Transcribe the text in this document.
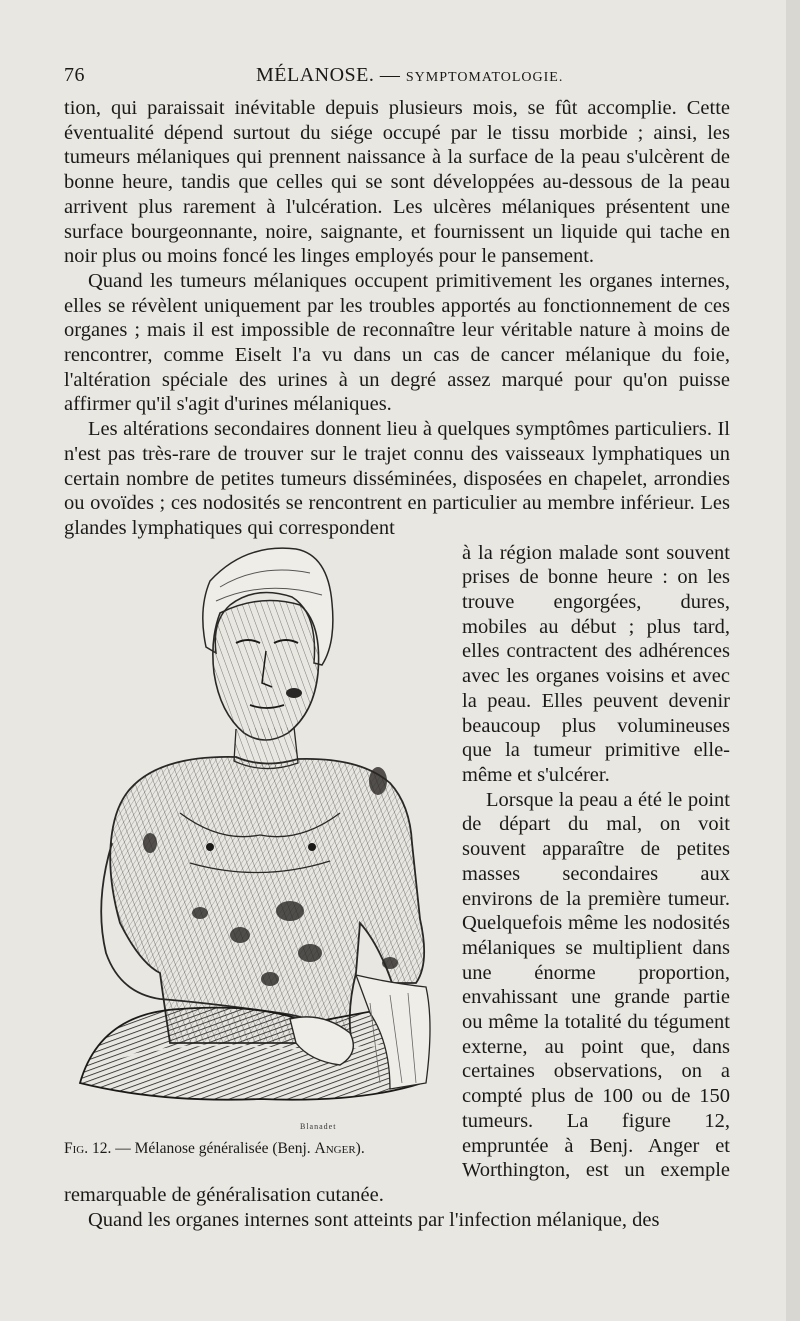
76	MÉLANOSE. — SYMPTOMATOLOGIE.

tion, qui paraissait inévitable depuis plusieurs mois, se fût accomplie. Cette éventualité dépend surtout du siége occupé par le tissu morbide ; ainsi, les tumeurs mélaniques qui prennent naissance à la surface de la peau s'ulcèrent de bonne heure, tandis que celles qui se sont développées au-dessous de la peau arrivent plus rarement à l'ulcération. Les ulcères mélaniques présentent une surface bourgeonnante, noire, saignante, et fournissent un liquide qui tache en noir plus ou moins foncé les linges employés pour le pansement.

Quand les tumeurs mélaniques occupent primitivement les organes internes, elles se révèlent uniquement par les troubles apportés au fonctionnement de ces organes ; mais il est impossible de reconnaître leur véritable nature à moins de rencontrer, comme Eiselt l'a vu dans un cas de cancer mélanique du foie, l'altération spéciale des urines à un degré assez marqué pour qu'on puisse affirmer qu'il s'agit d'urines mélaniques.

Les altérations secondaires donnent lieu à quelques symptômes particuliers. Il n'est pas très-rare de trouver sur le trajet connu des vaisseaux lymphatiques un certain nombre de petites tumeurs disséminées, disposées en chapelet, arrondies ou ovoïdes ; ces nodosités se rencontrent en particulier au membre inférieur. Les glandes lymphatiques qui correspondent

Blanadet
Fig. 12. — Mélanose généralisée (Benj. Anger).

à la région malade sont souvent prises de bonne heure : on les trouve engorgées, dures, mobiles au début ; plus tard, elles contractent des adhérences avec les organes voisins et avec la peau. Elles peuvent devenir beaucoup plus volumineuses que la tumeur primitive elle-même et s'ulcérer.

Lorsque la peau a été le point de départ du mal, on voit souvent apparaître de petites masses secondaires aux environs de la première tumeur. Quelquefois même les nodosités mélaniques se multiplient dans une énorme proportion, envahissant une grande partie ou même la totalité du tégument externe, au point que, dans certaines observations, on a compté plus de 100 ou de 150 tumeurs. La figure 12, empruntée à Benj. Anger et Worthington, est un exemple remarquable de généralisation cutanée.

Quand les organes internes sont atteints par l'infection mélanique, des
